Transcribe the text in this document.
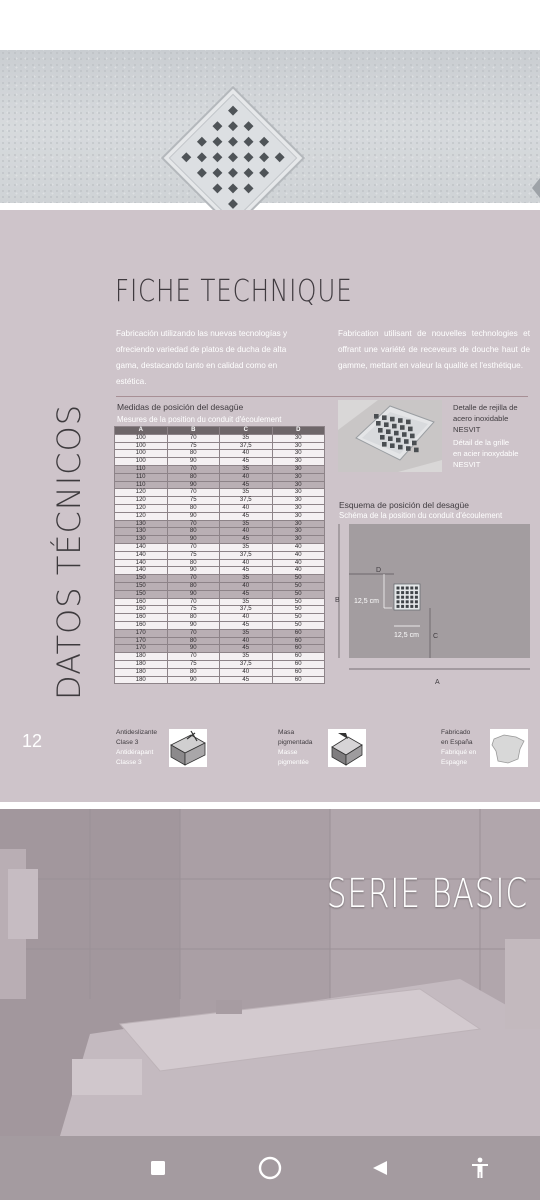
DATOS TÉCNICOS
12
FICHE TECHNIQUE

Fabricación utilizando las nuevas tecnologías y ofreciendo variedad de platos de ducha de alta gama, destacando tanto en calidad como en estética.

Fabrication utilisant de nouvelles technologies et offrant une variété de receveurs de douche haut de gamme, mettant en valeur la qualité et l'esthétique.

Medidas de posición del desagüe
Mesures de la position du conduit d'écoulement
A	B	C	D
100	70	35	30
100	75	37,5	30
100	80	40	30
100	90	45	30
110	70	35	30
110	80	40	30
110	90	45	30
120	70	35	30
120	75	37,5	30
120	80	40	30
120	90	45	30
130	70	35	30
130	80	40	30
130	90	45	30
140	70	35	40
140	75	37,5	40
140	80	40	40
140	90	45	40
150	70	35	50
150	80	40	50
150	90	45	50
160	70	35	50
160	75	37,5	50
160	80	40	50
160	90	45	50
170	70	35	60
170	80	40	60
170	90	45	60
180	70	35	60
180	75	37,5	60
180	80	40	60
180	90	45	60
Detalle de rejilla de
acero inoxidable
NESVIT
Détail de la grille
en acier inoxydable
NESVIT
Esquema de posición del desagüe
Schéma de la position du conduit d'écoulement
B
A
C
D
12,5 cm
12,5 cm
Antideslizante
Clase 3
Antidérapant
Classe 3
Masa
pigmentada
Masse
pigmentée
Fabricado
en España
Fabriqué en
Espagne
SERIE BASIC
